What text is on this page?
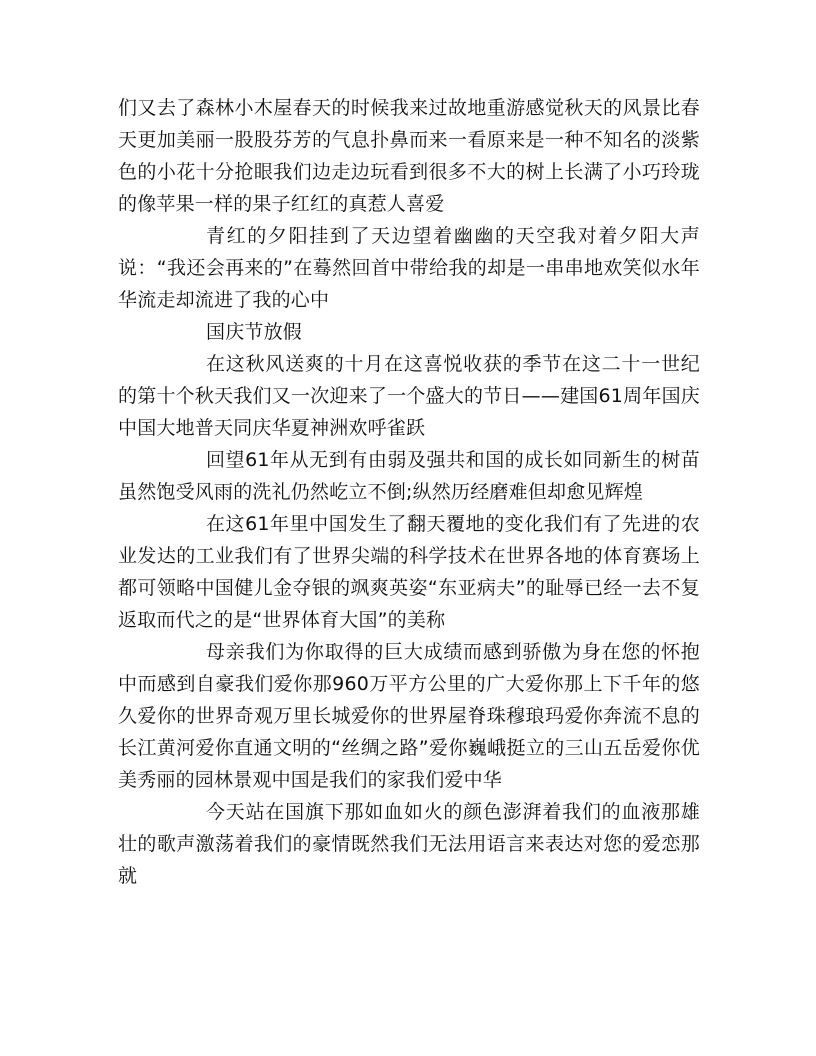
们又去了森林小木屋春天的时候我来过故地重游感觉秋天的风景比春天更加美丽一股股芬芳的气息扑鼻而来一看原来是一种不知名的淡紫色的小花十分抢眼我们边走边玩看到很多不大的树上长满了小巧玲珑的像苹果一样的果子红红的真惹人喜爱

青红的夕阳挂到了天边望着幽幽的天空我对着夕阳大声说：“我还会再来的”在蓦然回首中带给我的却是一串串地欢笑似水年华流走却流进了我的心中

国庆节放假

在这秋风送爽的十月在这喜悦收获的季节在这二十一世纪的第十个秋天我们又一次迎来了一个盛大的节日——建国61周年国庆中国大地普天同庆华夏神洲欢呼雀跃

回望61年从无到有由弱及强共和国的成长如同新生的树苗虽然饱受风雨的洗礼仍然屹立不倒;纵然历经磨难但却愈见辉煌

在这61年里中国发生了翻天覆地的变化我们有了先进的农业发达的工业我们有了世界尖端的科学技术在世界各地的体育赛场上都可领略中国健儿金夺银的飒爽英姿“东亚病夫”的耻辱已经一去不复返取而代之的是“世界体育大国”的美称

母亲我们为你取得的巨大成绩而感到骄傲为身在您的怀抱中而感到自豪我们爱你那960万平方公里的广大爱你那上下千年的悠久爱你的世界奇观万里长城爱你的世界屋脊珠穆琅玛爱你奔流不息的长江黄河爱你直通文明的“丝绸之路”爱你巍峨挺立的三山五岳爱你优美秀丽的园林景观中国是我们的家我们爱中华

今天站在国旗下那如血如火的颜色澎湃着我们的血液那雄壮的歌声激荡着我们的豪情既然我们无法用语言来表达对您的爱恋那就
